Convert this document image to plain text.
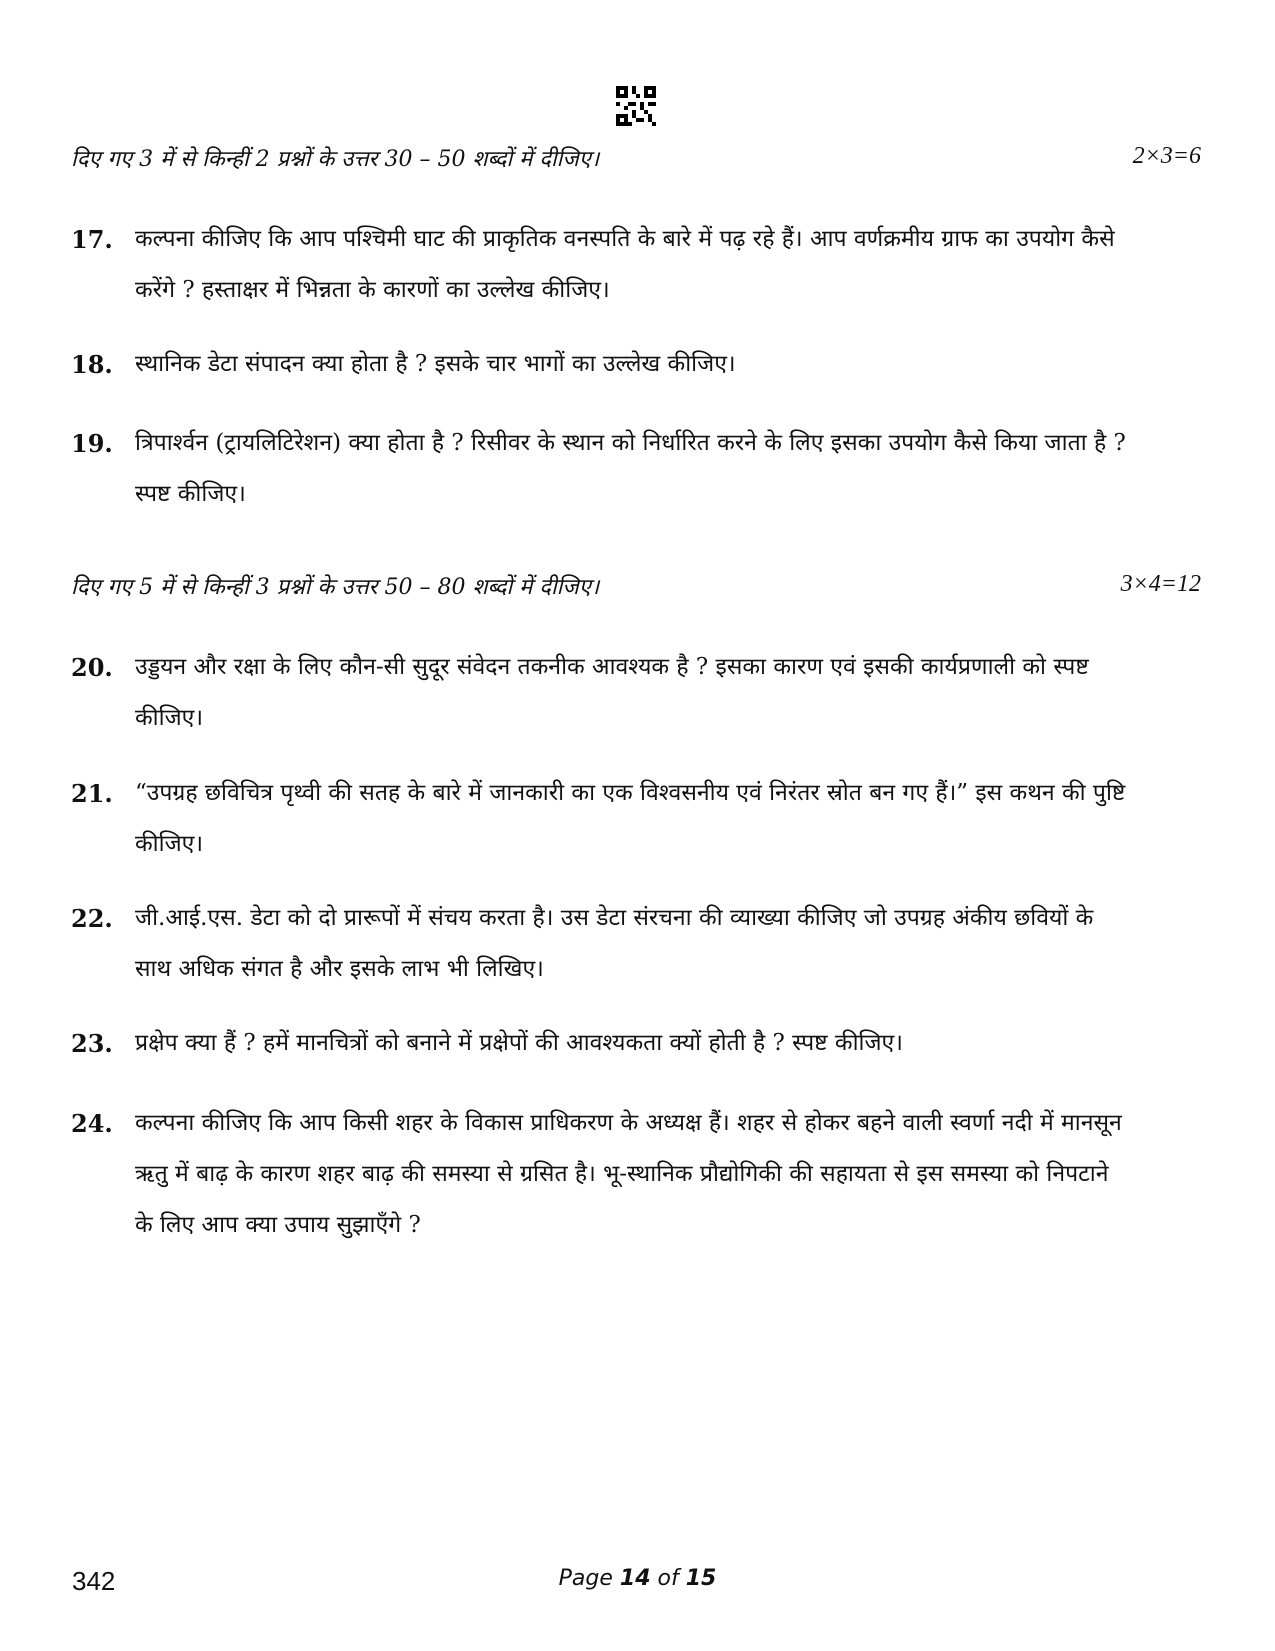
दिए गए 3 में से किन्हीं 2 प्रश्नों के उत्तर 30 – 50 शब्दों में दीजिए।	2×3=6
17. कल्पना कीजिए कि आप पश्चिमी घाट की प्राकृतिक वनस्पति के बारे में पढ़ रहे हैं। आप वर्णक्रमीय ग्राफ का उपयोग कैसे करेंगे ? हस्ताक्षर में भिन्नता के कारणों का उल्लेख कीजिए।
18. स्थानिक डेटा संपादन क्या होता है ? इसके चार भागों का उल्लेख कीजिए।
19. त्रिपार्श्वन (ट्रायलिटिरेशन) क्या होता है ? रिसीवर के स्थान को निर्धारित करने के लिए इसका उपयोग कैसे किया जाता है ? स्पष्ट कीजिए।
दिए गए 5 में से किन्हीं 3 प्रश्नों के उत्तर 50 – 80 शब्दों में दीजिए।	3×4=12
20. उड्डयन और रक्षा के लिए कौन-सी सुदूर संवेदन तकनीक आवश्यक है ? इसका कारण एवं इसकी कार्यप्रणाली को स्पष्ट कीजिए।
21. “उपग्रह छविचित्र पृथ्वी की सतह के बारे में जानकारी का एक विश्वसनीय एवं निरंतर स्रोत बन गए हैं।” इस कथन की पुष्टि कीजिए।
22. जी.आई.एस. डेटा को दो प्रारूपों में संचय करता है। उस डेटा संरचना की व्याख्या कीजिए जो उपग्रह अंकीय छवियों के साथ अधिक संगत है और इसके लाभ भी लिखिए।
23. प्रक्षेप क्या हैं ? हमें मानचित्रों को बनाने में प्रक्षेपों की आवश्यकता क्यों होती है ? स्पष्ट कीजिए।
24. कल्पना कीजिए कि आप किसी शहर के विकास प्राधिकरण के अध्यक्ष हैं। शहर से होकर बहने वाली स्वर्णा नदी में मानसून ऋतु में बाढ़ के कारण शहर बाढ़ की समस्या से ग्रसित है। भू-स्थानिक प्रौद्योगिकी की सहायता से इस समस्या को निपटाने के लिए आप क्या उपाय सुझाएँगे ?
342	Page 14 of 15
